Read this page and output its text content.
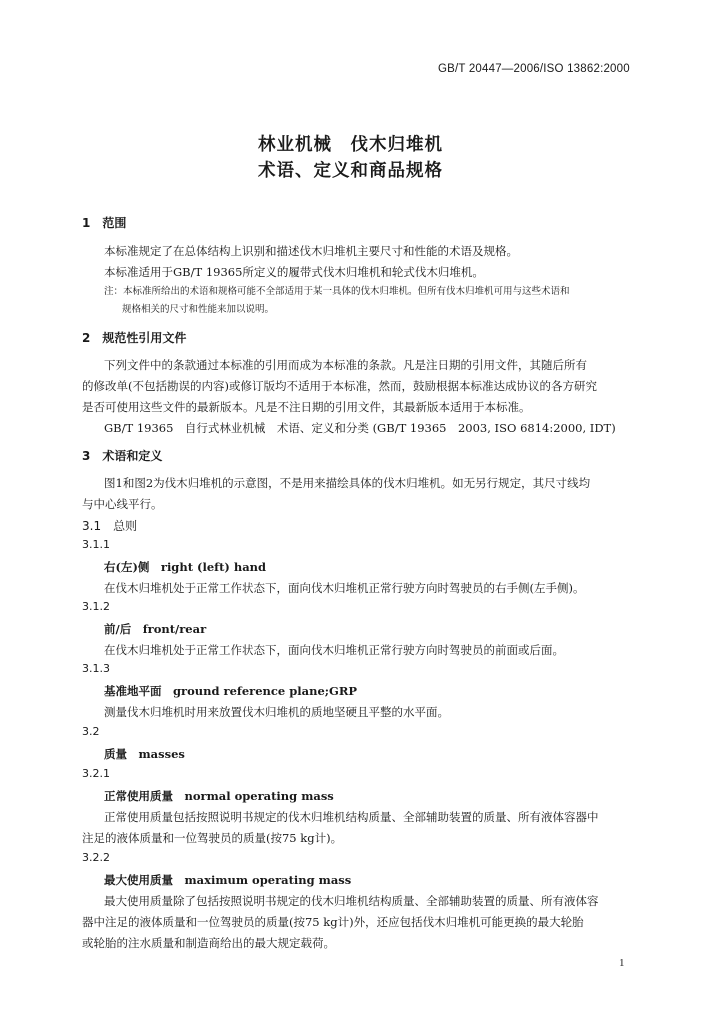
GB/T 20447—2006/ISO 13862:2000
林业机械　伐木归堆机
术语、定义和商品规格
1　范围
本标准规定了在总体结构上识别和描述伐木归堆机主要尺寸和性能的术语及规格。
本标准适用于GB/T 19365所定义的履带式伐木归堆机和轮式伐木归堆机。
注：本标准所给出的术语和规格可能不全部适用于某一具体的伐木归堆机。但所有伐木归堆机可用与这些术语和
规格相关的尺寸和性能来加以说明。
2　规范性引用文件
下列文件中的条款通过本标准的引用而成为本标准的条款。凡是注日期的引用文件，其随后所有
的修改单(不包括勘误的内容)或修订版均不适用于本标准，然而，鼓励根据本标准达成协议的各方研究
是否可使用这些文件的最新版本。凡是不注日期的引用文件，其最新版本适用于本标准。
GB/T 19365　自行式林业机械　术语、定义和分类 (GB/T 19365　2003, ISO 6814:2000, IDT)
3　术语和定义
图1和图2为伐木归堆机的示意图，不是用来描绘具体的伐木归堆机。如无另行规定，其尺寸线均
与中心线平行。
3.1　总则
3.1.1
右(左)侧　right (left) hand
在伐木归堆机处于正常工作状态下，面向伐木归堆机正常行驶方向时驾驶员的右手侧(左手侧)。
3.1.2
前/后　front/rear
在伐木归堆机处于正常工作状态下，面向伐木归堆机正常行驶方向时驾驶员的前面或后面。
3.1.3
基准地平面　ground reference plane;GRP
测量伐木归堆机时用来放置伐木归堆机的质地坚硬且平整的水平面。
3.2
质量　masses
3.2.1
正常使用质量　normal operating mass
正常使用质量包括按照说明书规定的伐木归堆机结构质量、全部辅助装置的质量、所有液体容器中
注足的液体质量和一位驾驶员的质量(按75 kg计)。
3.2.2
最大使用质量　maximum operating mass
最大使用质量除了包括按照说明书规定的伐木归堆机结构质量、全部辅助装置的质量、所有液体容
器中注足的液体质量和一位驾驶员的质量(按75 kg计)外，还应包括伐木归堆机可能更换的最大轮胎
或轮胎的注水质量和制造商给出的最大规定载荷。
1
